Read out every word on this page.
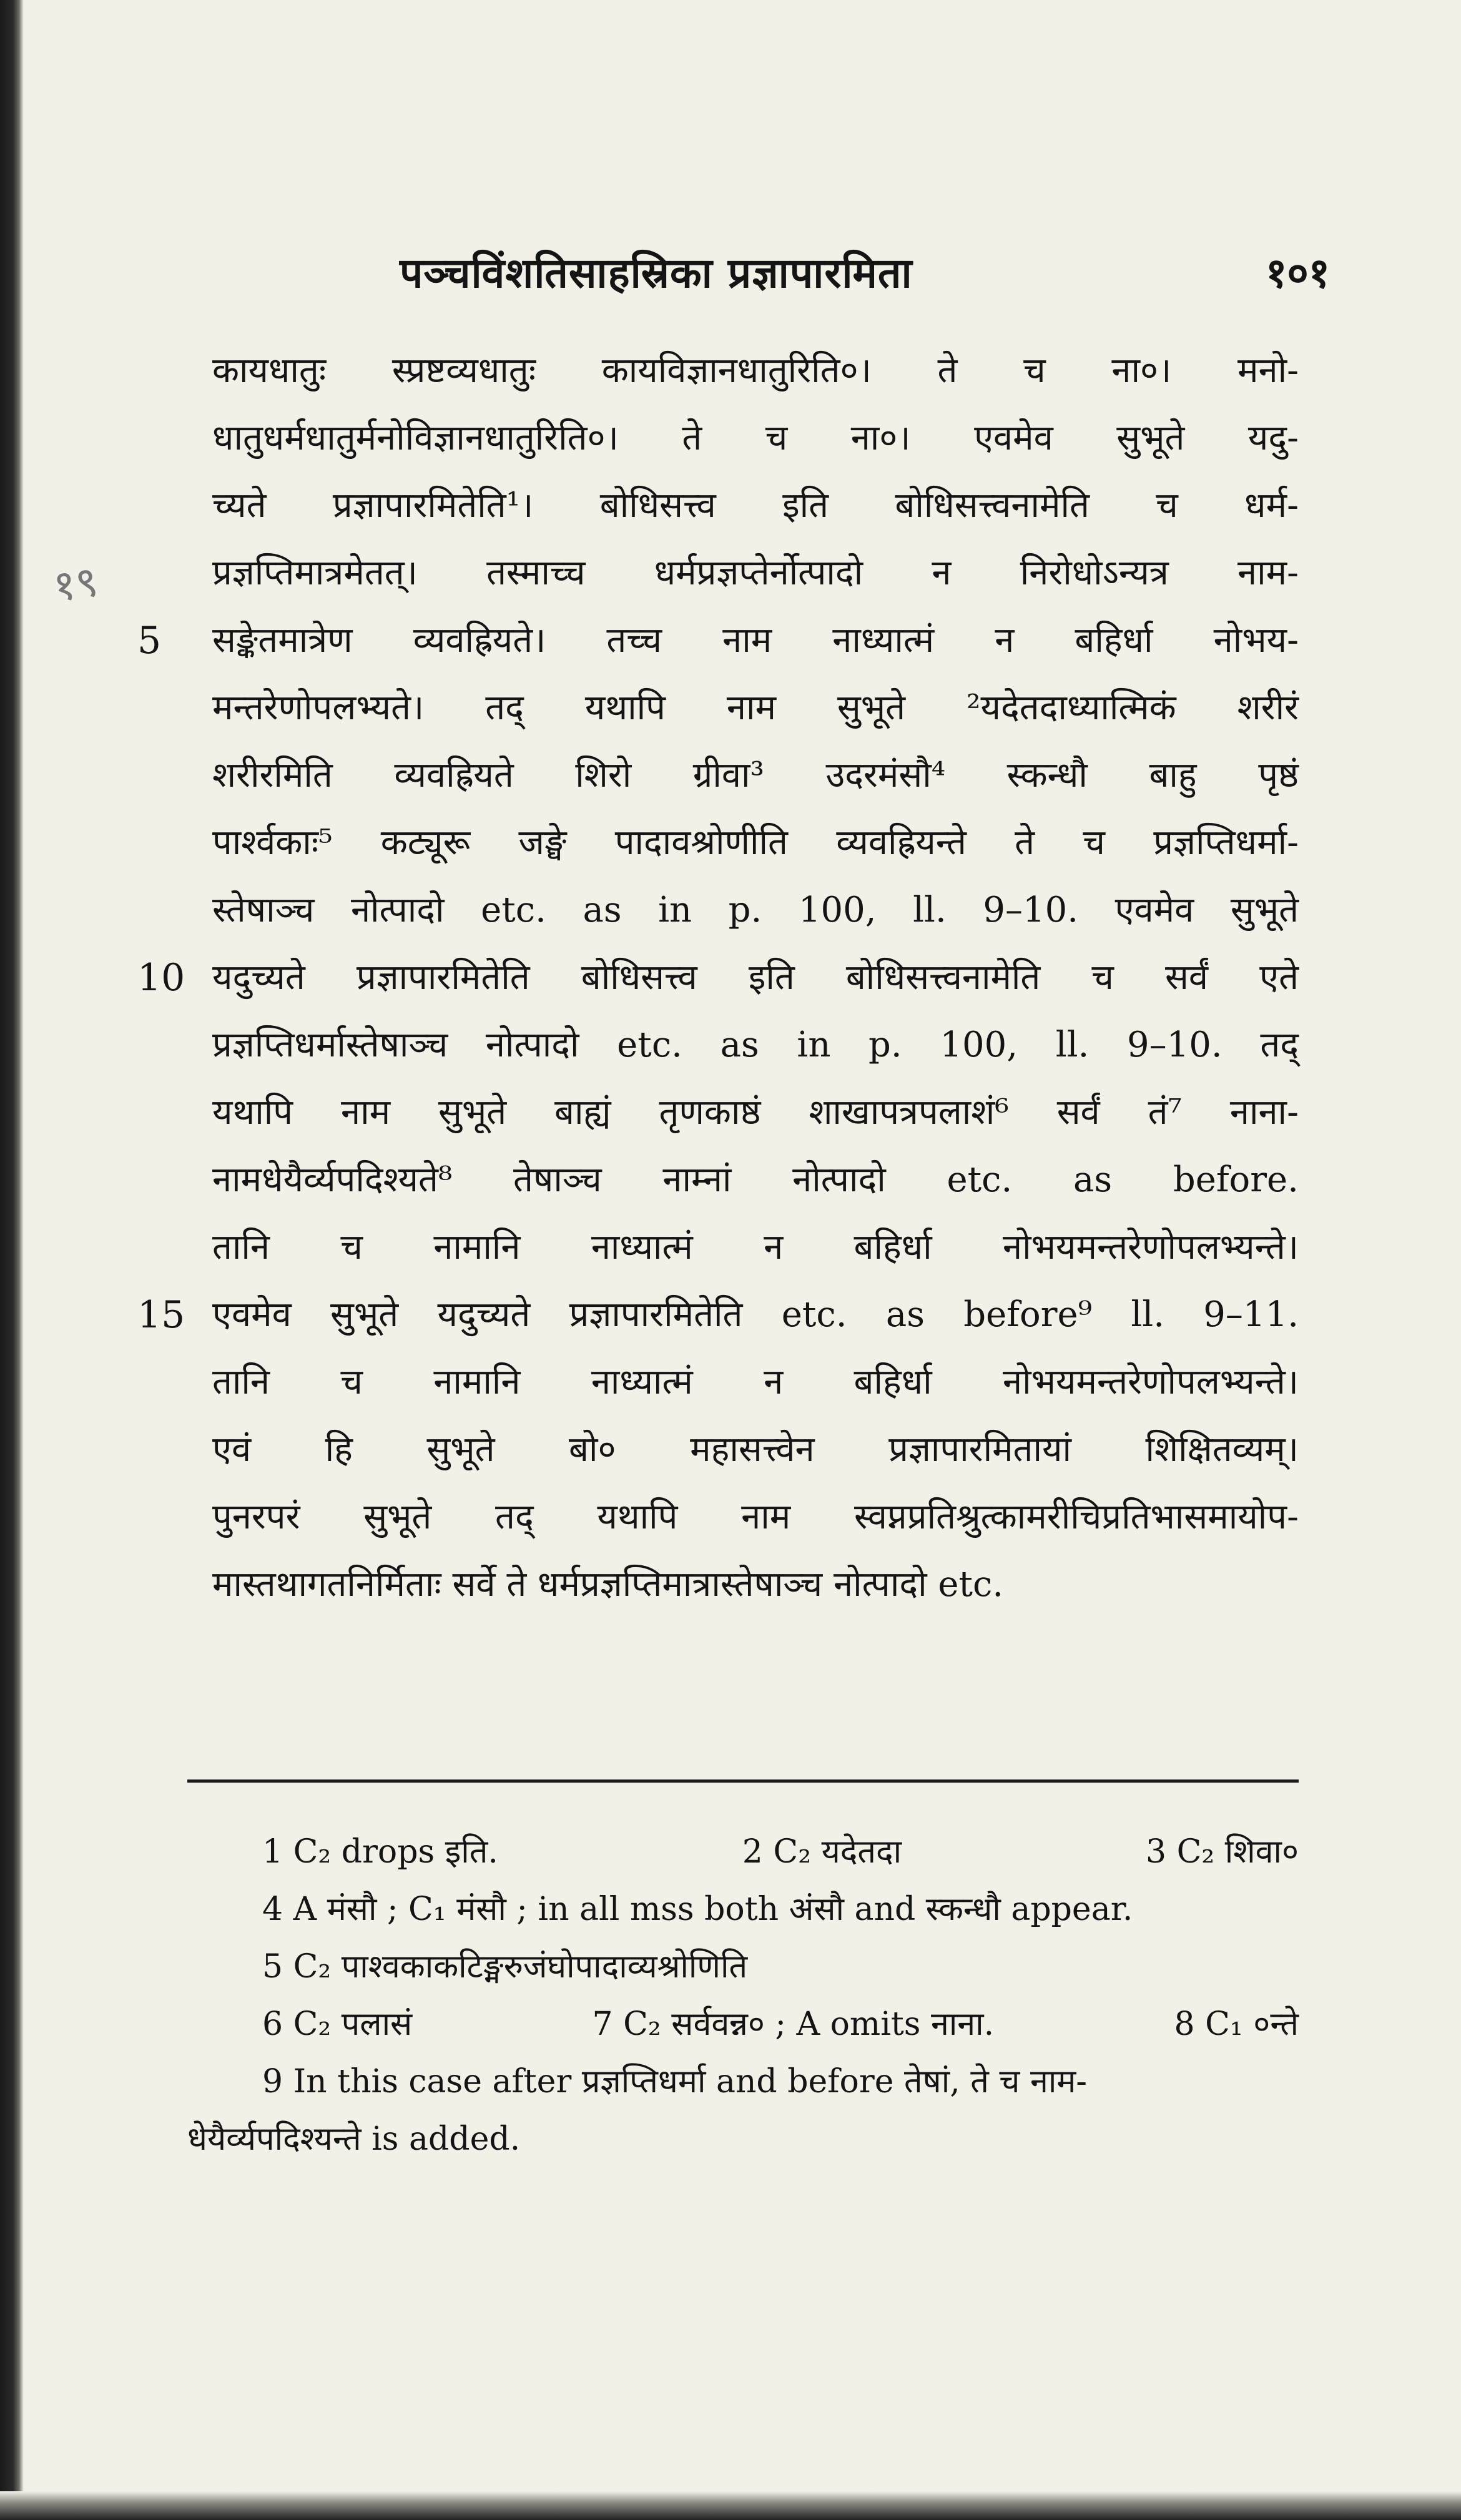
१९
पञ्चविंशतिसाहस्रिका प्रज्ञापारमिता	१०१
कायधातुः स्प्रष्टव्यधातुः कायविज्ञानधातुरिति०। ते च ना०। मनो-
धातुधर्मधातुर्मनोविज्ञानधातुरिति०। ते च ना०। एवमेव सुभूते यदु-
च्यते प्रज्ञापारमितेति¹। बोधिसत्त्व इति बोधिसत्त्वनामेति च धर्म-
प्रज्ञप्तिमात्रमेतत्। तस्माच्च धर्मप्रज्ञप्तेर्नोत्पादो न निरोधोऽन्यत्र नाम-
5	सङ्केतमात्रेण व्यवह्रियते। तच्च नाम नाध्यात्मं न बहिर्धा नोभय-
मन्तरेणोपलभ्यते। तद् यथापि नाम सुभूते ²यदेतदाध्यात्मिकं शरीरं
शरीरमिति व्यवह्रियते शिरो ग्रीवा³ उदरमंसौ⁴ स्कन्धौ बाहु पृष्ठं
पार्श्वकाः⁵ कट्यूरू जङ्घे पादावश्रोणीति व्यवह्रियन्ते ते च प्रज्ञप्तिधर्मा-
स्तेषाञ्च नोत्पादो etc. as in p. 100, ll. 9–10. एवमेव सुभूते
10 यदुच्यते प्रज्ञापारमितेति बोधिसत्त्व इति बोधिसत्त्वनामेति च सर्वं एते
प्रज्ञप्तिधर्मास्तेषाञ्च नोत्पादो etc. as in p. 100, ll. 9–10. तद्
यथापि नाम सुभूते बाह्यं तृणकाष्ठं शाखापत्रपलाशं⁶ सर्वं तं⁷ नाना-
नामधेयैर्व्यपदिश्यते⁸ तेषाञ्च नाम्नां नोत्पादो etc. as before.
तानि च नामानि नाध्यात्मं न बहिर्धा नोभयमन्तरेणोपलभ्यन्ते।
15 एवमेव सुभूते यदुच्यते प्रज्ञापारमितेति etc. as before⁹ ll. 9–11.
तानि च नामानि नाध्यात्मं न बहिर्धा नोभयमन्तरेणोपलभ्यन्ते।
एवं हि सुभूते बो० महासत्त्वेन प्रज्ञापारमितायां शिक्षितव्यम्।
पुनरपरं सुभूते तद् यथापि नाम स्वप्नप्रतिश्रुत्कामरीचिप्रतिभासमायोप-
मास्तथागतनिर्मिताः सर्वे ते धर्मप्रज्ञप्तिमात्रास्तेषाञ्च नोत्पादो etc.
1 C₂ drops इति.	2 C₂ यदेतदा	3 C₂ शिवा०
4 A मंसौ ; C₁ मंसौ ; in all mss both अंसौ and स्कन्धौ appear.
5 C₂ पाश्वकाकटिङ्मरुजंघोपादाव्यश्रोणिति
6 C₂ पलासं	7 C₂ सर्ववन्न० ; A omits नाना.	8 C₁ ०न्ते
9 In this case after प्रज्ञप्तिधर्मा and before तेषां, ते च नाम-
धेयैर्व्यपदिश्यन्ते is added.
